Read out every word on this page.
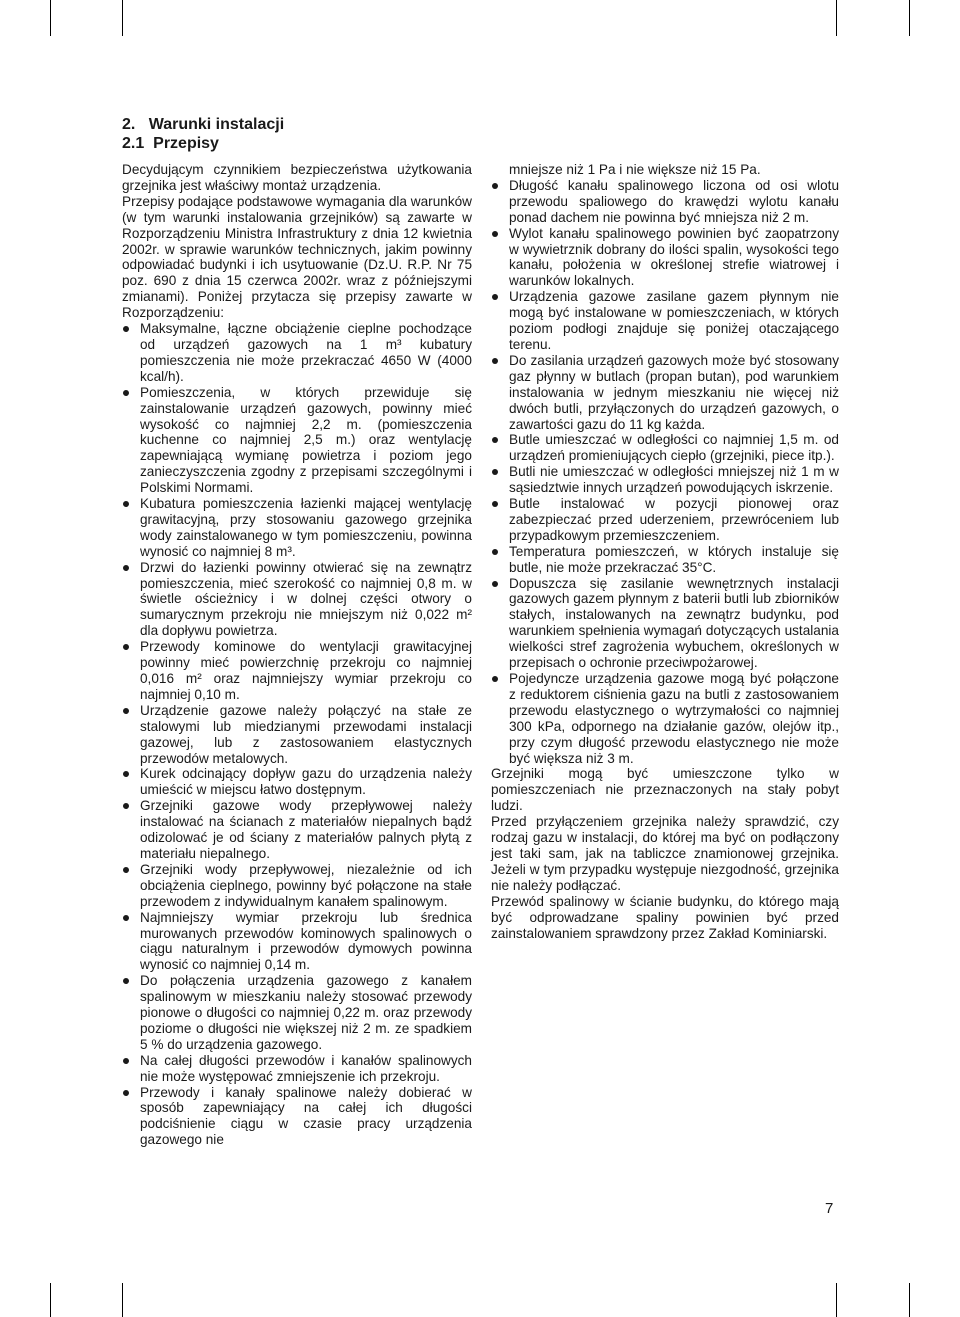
2. Warunki instalacji
2.1 Przepisy

Decydującym czynnikiem bezpieczeństwa użytkowania grzejnika jest właściwy montaż urządzenia.

Przepisy podające podstawowe wymagania dla warunków (w tym warunki instalowania grzejników) są zawarte w Rozporządzeniu Ministra Infrastruktury z dnia 12 kwietnia 2002r. w sprawie warunków technicznych, jakim powinny odpowiadać budynki i ich usytuowanie (Dz.U. R.P. Nr 75 poz. 690 z dnia 15 czerwca 2002r. wraz z późniejszymi zmianami). Poniżej przytacza się przepisy zawarte w Rozporządzeniu:

Maksymalne, łączne obciążenie cieplne pochodzące od urządzeń gazowych na 1 m³ kubatury pomieszczenia nie może przekraczać 4650 W (4000 kcal/h).
Pomieszczenia, w których przewiduje się zainstalowanie urządzeń gazowych, powinny mieć wysokość co najmniej 2,2 m. (pomieszczenia kuchenne co najmniej 2,5 m.) oraz wentylację zapewniającą wymianę powietrza i poziom jego zanieczyszczenia zgodny z przepisami szczególnymi i Polskimi Normami.
Kubatura pomieszczenia łazienki mającej wentylację grawitacyjną, przy stosowaniu gazowego grzejnika wody zainstalowanego w tym pomieszczeniu, powinna wynosić co najmniej 8 m³.
Drzwi do łazienki powinny otwierać się na zewnątrz pomieszczenia, mieć szerokość co najmniej 0,8 m. w świetle ościeżnicy i w dolnej części otwory o sumarycznym przekroju nie mniejszym niż 0,022 m² dla dopływu powietrza.
Przewody kominowe do wentylacji grawitacyjnej powinny mieć powierzchnię przekroju co najmniej 0,016 m² oraz najmniejszy wymiar przekroju co najmniej 0,10 m.
Urządzenie gazowe należy połączyć na stałe ze stalowymi lub miedzianymi przewodami instalacji gazowej, lub z zastosowaniem elastycznych przewodów metalowych.
Kurek odcinający dopływ gazu do urządzenia należy umieścić w miejscu łatwo dostępnym.
Grzejniki gazowe wody przepływowej należy instalować na ścianach z materiałów niepalnych bądź odizolować je od ściany z materiałów palnych płytą z materiału niepalnego.
Grzejniki wody przepływowej, niezależnie od ich obciążenia cieplnego, powinny być połączone na stałe przewodem z indywidualnym kanałem spalinowym.
Najmniejszy wymiar przekroju lub średnica murowanych przewodów kominowych spalinowych o ciągu naturalnym i przewodów dymowych powinna wynosić co najmniej 0,14 m.
Do połączenia urządzenia gazowego z kanałem spalinowym w mieszkaniu należy stosować przewody pionowe o długości co najmniej 0,22 m. oraz przewody poziome o długości nie większej niż 2 m. ze spadkiem 5 % do urządzenia gazowego.
Na całej długości przewodów i kanałów spalinowych nie może występować zmniejszenie ich przekroju.
Przewody i kanały spalinowe należy dobierać w sposób zapewniający na całej ich długości podciśnienie ciągu w czasie pracy urządzenia gazowego nie
mniejsze niż 1 Pa i nie większe niż 15 Pa.
Długość kanału spalinowego liczona od osi wlotu przewodu spaliowego do krawędzi wylotu kanału ponad dachem nie powinna być mniejsza niż 2 m.
Wylot kanału spalinowego powinien być zaopatrzony w wywietrznik dobrany do ilości spalin, wysokości tego kanału, położenia w określonej strefie wiatrowej i warunków lokalnych.
Urządzenia gazowe zasilane gazem płynnym nie mogą być instalowane w pomieszczeniach, w których poziom podłogi znajduje się poniżej otaczającego terenu.
Do zasilania urządzeń gazowych może być stosowany gaz płynny w butlach (propan butan), pod warunkiem instalowania w jednym mieszkaniu nie więcej niż dwóch butli, przyłączonych do urządzeń gazowych, o zawartości gazu do 11 kg każda.
Butle umieszczać w odległości co najmniej 1,5 m. od urządzeń promieniujących ciepło (grzejniki, piece itp.).
Butli nie umieszczać w odległości mniejszej niż 1 m w sąsiedztwie innych urządzeń powodujących iskrzenie.
Butle instalować w pozycji pionowej oraz zabezpieczać przed uderzeniem, przewróceniem lub przypadkowym przemieszczeniem.
Temperatura pomieszczeń, w których instaluje się butle, nie może przekraczać 35°C.
Dopuszcza się zasilanie wewnętrznych instalacji gazowych gazem płynnym z baterii butli lub zbiorników stałych, instalowanych na zewnątrz budynku, pod warunkiem spełnienia wymagań dotyczących ustalania wielkości stref zagrożenia wybuchem, określonych w przepisach o ochronie przeciwpożarowej.
Pojedyncze urządzenia gazowe mogą być połączone z reduktorem ciśnienia gazu na butli z zastosowaniem przewodu elastycznego o wytrzymałości co najmniej 300 kPa, odpornego na działanie gazów, olejów itp., przy czym długość przewodu elastycznego nie może być większa niż 3 m.

Grzejniki mogą być umieszczone tylko w pomieszczeniach nie przeznaczonych na stały pobyt ludzi.

Przed przyłączeniem grzejnika należy sprawdzić, czy rodzaj gazu w instalacji, do której ma być on podłączony jest taki sam, jak na tabliczce znamionowej grzejnika. Jeżeli w tym przypadku występuje niezgodność, grzejnika nie należy podłączać.

Przewód spalinowy w ścianie budynku, do którego mają być odprowadzane spaliny powinien być przed zainstalowaniem sprawdzony przez Zakład Kominiarski.

7
